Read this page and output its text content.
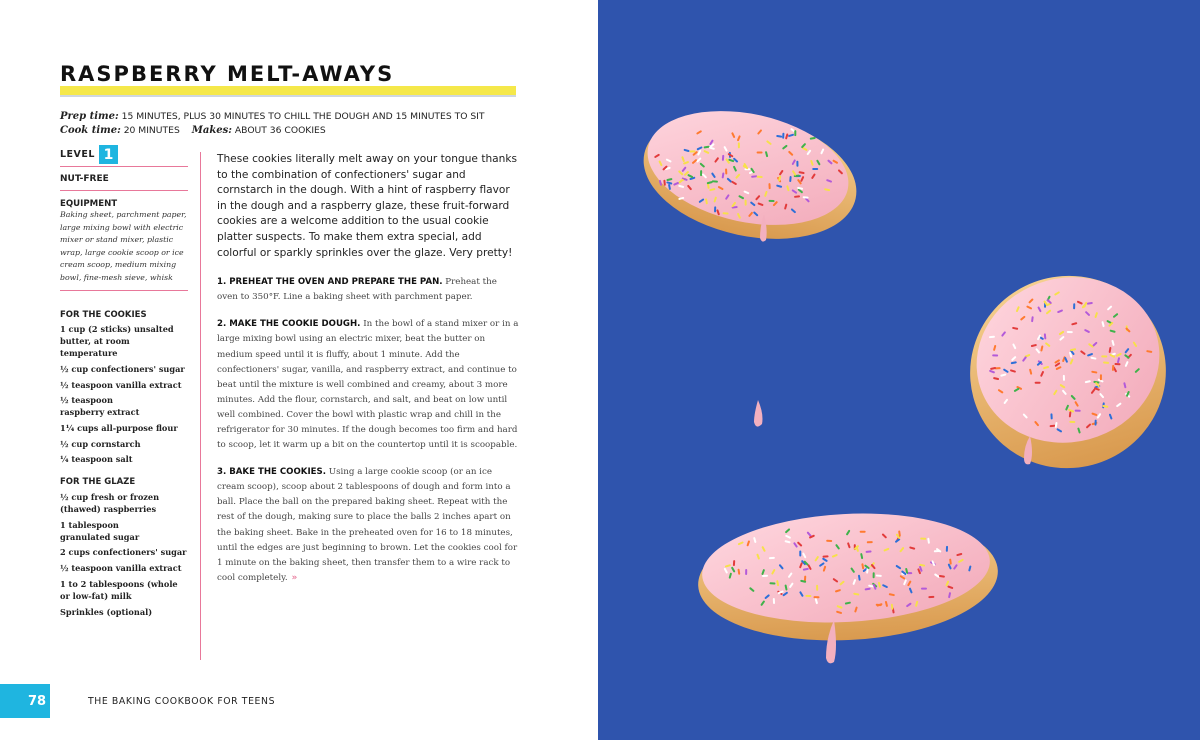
RASPBERRY MELT-AWAYS
Prep time: 15 MINUTES, PLUS 30 MINUTES TO CHILL THE DOUGH AND 15 MINUTES TO SIT
Cook time: 20 MINUTES Makes: ABOUT 36 COOKIES
LEVEL 1
NUT-FREE
EQUIPMENT
Baking sheet, parchment paper, large mixing bowl with electric mixer or stand mixer, plastic wrap, large cookie scoop or ice cream scoop, medium mixing bowl, fine-mesh sieve, whisk
FOR THE COOKIES
1 cup (2 sticks) unsalted butter, at room temperature
½ cup confectioners' sugar
½ teaspoon vanilla extract
½ teaspoon raspberry extract
1¼ cups all-purpose flour
½ cup cornstarch
¼ teaspoon salt
FOR THE GLAZE
½ cup fresh or frozen (thawed) raspberries
1 tablespoon granulated sugar
2 cups confectioners' sugar
½ teaspoon vanilla extract
1 to 2 tablespoons (whole or low-fat) milk
Sprinkles (optional)

These cookies literally melt away on your tongue thanks to the combination of confectioners' sugar and cornstarch in the dough. With a hint of raspberry flavor in the dough and a raspberry glaze, these fruit-forward cookies are a welcome addition to the usual cookie platter suspects. To make them extra special, add colorful or sparkly sprinkles over the glaze. Very pretty!

1. PREHEAT THE OVEN AND PREPARE THE PAN. Preheat the oven to 350°F. Line a baking sheet with parchment paper.

2. MAKE THE COOKIE DOUGH. In the bowl of a stand mixer or in a large mixing bowl using an electric mixer, beat the butter on medium speed until it is fluffy, about 1 minute. Add the confectioners' sugar, vanilla, and raspberry extract, and continue to beat until the mixture is well combined and creamy, about 3 more minutes. Add the flour, cornstarch, and salt, and beat on low until well combined. Cover the bowl with plastic wrap and chill in the refrigerator for 30 minutes. If the dough becomes too firm and hard to scoop, let it warm up a bit on the countertop until it is scoopable.

3. BAKE THE COOKIES. Using a large cookie scoop (or an ice cream scoop), scoop about 2 tablespoons of dough and form into a ball. Place the ball on the prepared baking sheet. Repeat with the rest of the dough, making sure to place the balls 2 inches apart on the baking sheet. Bake in the preheated oven for 16 to 18 minutes, until the edges are just beginning to brown. Let the cookies cool for 1 minute on the baking sheet, then transfer them to a wire rack to cool completely. »

78	THE BAKING COOKBOOK FOR TEENS
